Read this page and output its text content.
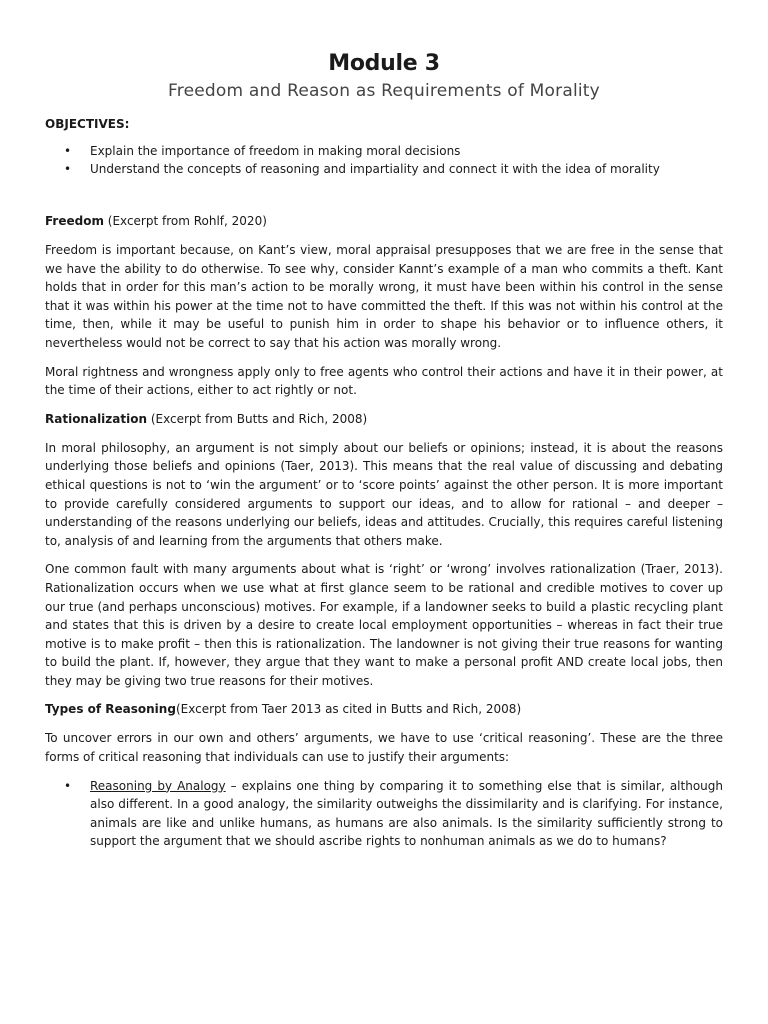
Module 3
Freedom and Reason as Requirements of Morality
OBJECTIVES:
• Explain the importance of freedom in making moral decisions
• Understand the concepts of reasoning and impartiality and connect it with the idea of morality
Freedom (Excerpt from Rohlf, 2020)

Freedom is important because, on Kant’s view, moral appraisal presupposes that we are free in the sense that we have the ability to do otherwise. To see why, consider Kannt’s example of a man who commits a theft. Kant holds that in order for this man’s action to be morally wrong, it must have been within his control in the sense that it was within his power at the time not to have committed the theft. If this was not within his control at the time, then, while it may be useful to punish him in order to shape his behavior or to influence others, it nevertheless would not be correct to say that his action was morally wrong.

Moral rightness and wrongness apply only to free agents who control their actions and have it in their power, at the time of their actions, either to act rightly or not.

Rationalization (Excerpt from Butts and Rich, 2008)

In moral philosophy, an argument is not simply about our beliefs or opinions; instead, it is about the reasons underlying those beliefs and opinions (Taer, 2013). This means that the real value of discussing and debating ethical questions is not to ‘win the argument’ or to ‘score points’ against the other person. It is more important to provide carefully considered arguments to support our ideas, and to allow for rational – and deeper –understanding of the reasons underlying our beliefs, ideas and attitudes. Crucially, this requires careful listening to, analysis of and learning from the arguments that others make.

One common fault with many arguments about what is ‘right’ or ‘wrong’ involves rationalization (Traer, 2013). Rationalization occurs when we use what at first glance seem to be rational and credible motives to cover up our true (and perhaps unconscious) motives. For example, if a landowner seeks to build a plastic recycling plant and states that this is driven by a desire to create local employment opportunities – whereas in fact their true motive is to make profit – then this is rationalization. The landowner is not giving their true reasons for wanting to build the plant. If, however, they argue that they want to make a personal profit AND create local jobs, then they may be giving two true reasons for their motives.

Types of Reasoning(Excerpt from Taer 2013 as cited in Butts and Rich, 2008)

To uncover errors in our own and others’ arguments, we have to use ‘critical reasoning’. These are the three forms of critical reasoning that individuals can use to justify their arguments:

• Reasoning by Analogy – explains one thing by comparing it to something else that is similar, although also different. In a good analogy, the similarity outweighs the dissimilarity and is clarifying. For instance, animals are like and unlike humans, as humans are also animals. Is the similarity sufficiently strong to support the argument that we should ascribe rights to nonhuman animals as we do to humans?
